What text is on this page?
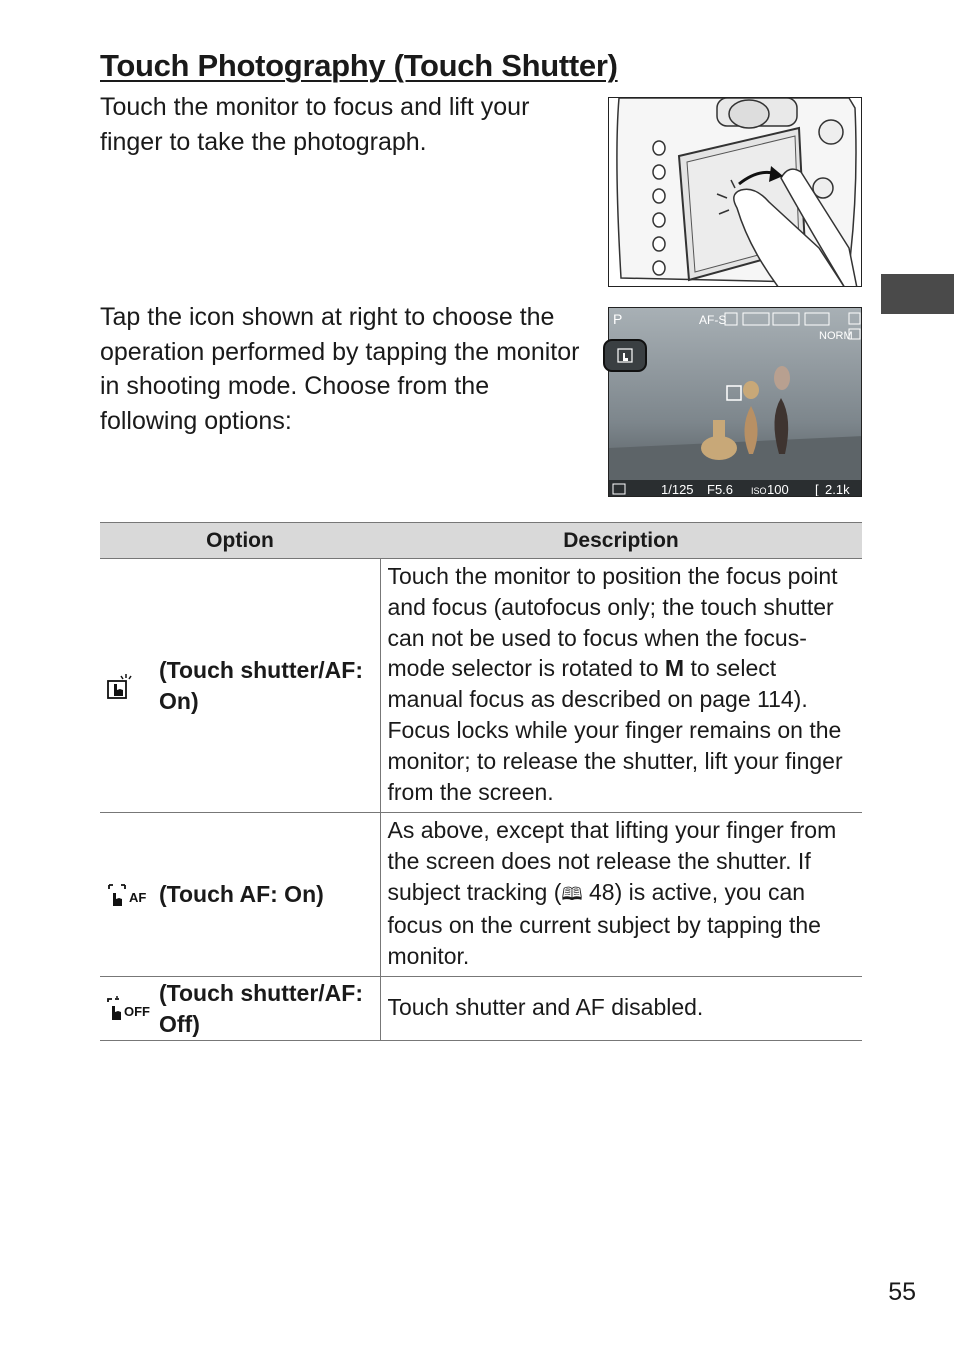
Touch Photography (Touch Shutter)

Touch the monitor to focus and lift your finger to take the photograph.

Tap the icon shown at right to choose the operation performed by tapping the monitor in shooting mode. Choose from the following options:

P	AF-S
NORM
1/125 F5.6 ISO 100 [ 2.1k
Option	Description

(Touch shutter/AF: On)	Touch the monitor to position the focus point and focus (autofocus only; the touch shutter can not be used to focus when the focus-mode selector is rotated to M to select manual focus as described on page 114). Focus locks while your finger remains on the monitor; to release the shutter, lift your finger from the screen.

AF (Touch AF: On)	As above, except that lifting your finger from the screen does not release the shutter. If subject tracking (🕮 48) is active, you can focus on the current subject by tapping the monitor.

OFF
(Touch shutter/AF: Off)	Touch shutter and AF disabled.
55
